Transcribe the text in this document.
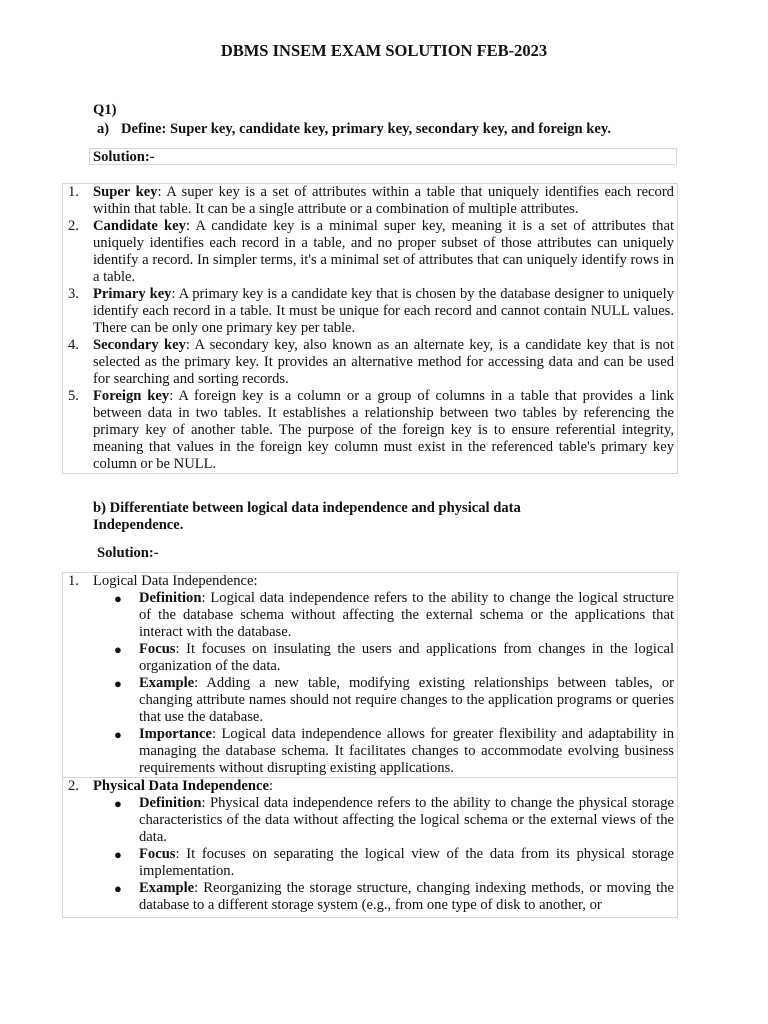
DBMS INSEM EXAM SOLUTION FEB-2023
Q1)
a) Define: Super key, candidate key, primary key, secondary key, and foreign key.
Solution:-
1. Super key: A super key is a set of attributes within a table that uniquely identifies each record within that table. It can be a single attribute or a combination of multiple attributes.
2. Candidate key: A candidate key is a minimal super key, meaning it is a set of attributes that uniquely identifies each record in a table, and no proper subset of those attributes can uniquely identify a record. In simpler terms, it's a minimal set of attributes that can uniquely identify rows in a table.
3. Primary key: A primary key is a candidate key that is chosen by the database designer to uniquely identify each record in a table. It must be unique for each record and cannot contain NULL values. There can be only one primary key per table.
4. Secondary key: A secondary key, also known as an alternate key, is a candidate key that is not selected as the primary key. It provides an alternative method for accessing data and can be used for searching and sorting records.
5. Foreign key: A foreign key is a column or a group of columns in a table that provides a link between data in two tables. It establishes a relationship between two tables by referencing the primary key of another table. The purpose of the foreign key is to ensure referential integrity, meaning that values in the foreign key column must exist in the referenced table's primary key column or be NULL.
b) Differentiate between logical data independence and physical data Independence.
Solution:-
1. Logical Data Independence:
● Definition: Logical data independence refers to the ability to change the logical structure of the database schema without affecting the external schema or the applications that interact with the database.
● Focus: It focuses on insulating the users and applications from changes in the logical organization of the data.
● Example: Adding a new table, modifying existing relationships between tables, or changing attribute names should not require changes to the application programs or queries that use the database.
● Importance: Logical data independence allows for greater flexibility and adaptability in managing the database schema. It facilitates changes to accommodate evolving business requirements without disrupting existing applications.
2. Physical Data Independence:
● Definition: Physical data independence refers to the ability to change the physical storage characteristics of the data without affecting the logical schema or the external views of the data.
● Focus: It focuses on separating the logical view of the data from its physical storage implementation.
● Example: Reorganizing the storage structure, changing indexing methods, or moving the database to a different storage system (e.g., from one type of disk to another, or
